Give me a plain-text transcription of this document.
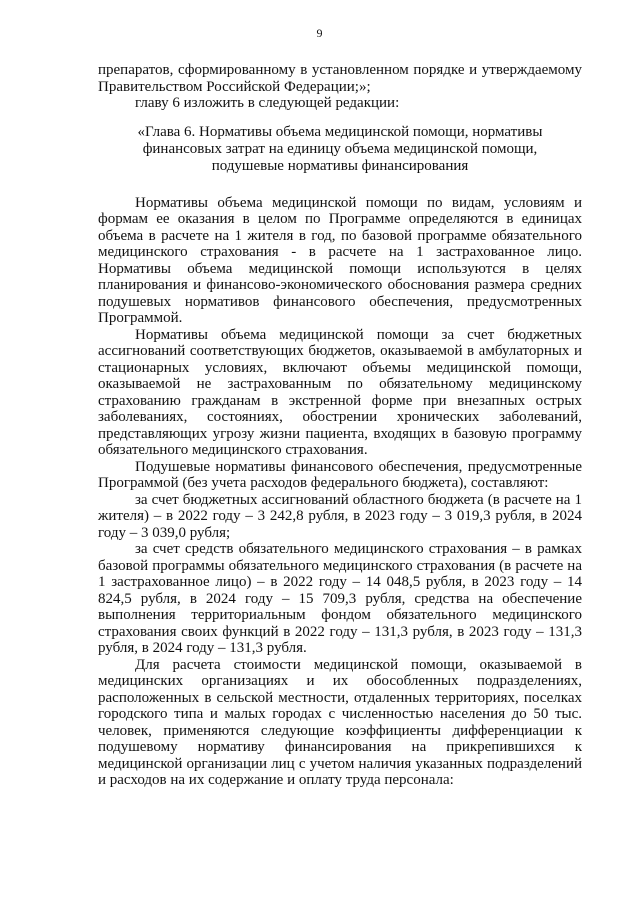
9

препаратов, сформированному в установленном порядке и утверждаемому Правительством Российской Федерации;»;

главу 6 изложить в следующей редакции:

«Глава 6. Нормативы объема медицинской помощи, нормативы
финансовых затрат на единицу объема медицинской помощи,
подушевые нормативы финансирования

Нормативы объема медицинской помощи по видам, условиям и формам ее оказания в целом по Программе определяются в единицах объема в расчете на 1 жителя в год, по базовой программе обязательного медицинского страхования - в расчете на 1 застрахованное лицо. Нормативы объема медицинской помощи используются в целях планирования и финансово-экономического обоснования размера средних подушевых нормативов финансового обеспечения, предусмотренных Программой.

Нормативы объема медицинской помощи за счет бюджетных ассигнований соответствующих бюджетов, оказываемой в амбулаторных и стационарных условиях, включают объемы медицинской помощи, оказываемой не застрахованным по обязательному медицинскому страхованию гражданам в экстренной форме при внезапных острых заболеваниях, состояниях, обострении хронических заболеваний, представляющих угрозу жизни пациента, входящих в базовую программу обязательного медицинского страхования.

Подушевые нормативы финансового обеспечения, предусмотренные Программой (без учета расходов федерального бюджета), составляют:

за счет бюджетных ассигнований областного бюджета (в расчете на 1 жителя) – в 2022 году – 3 242,8 рубля, в 2023 году – 3 019,3 рубля, в 2024 году – 3 039,0 рубля;

за счет средств обязательного медицинского страхования – в рамках базовой программы обязательного медицинского страхования (в расчете на 1 застрахованное лицо) – в 2022 году – 14 048,5 рубля, в 2023 году – 14 824,5 рубля, в 2024 году – 15 709,3 рубля, средства на обеспечение выполнения территориальным фондом обязательного медицинского страхования своих функций в 2022 году – 131,3 рубля, в 2023 году – 131,3 рубля, в 2024 году – 131,3 рубля.

Для расчета стоимости медицинской помощи, оказываемой в медицинских организациях и их обособленных подразделениях, расположенных в сельской местности, отдаленных территориях, поселках городского типа и малых городах с численностью населения до 50 тыс. человек, применяются следующие коэффициенты дифференциации к подушевому нормативу финансирования на прикрепившихся к медицинской организации лиц с учетом наличия указанных подразделений и расходов на их содержание и оплату труда персонала:
